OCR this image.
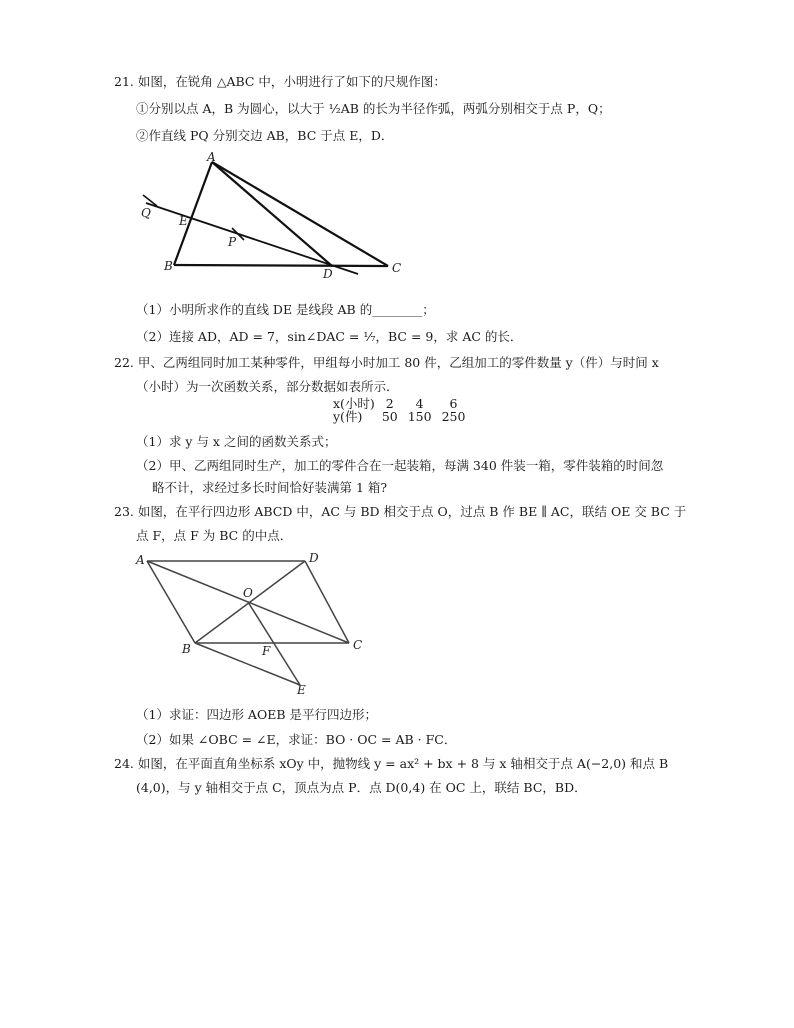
21. 如图，在锐角 △ABC 中，小明进行了如下的尺规作图：
①分别以点 A，B 为圆心，以大于 ½AB 的长为半径作弧，两弧分别相交于点 P，Q；
②作直线 PQ 分别交边 AB，BC 于点 E，D．
A
Q
E
P
B
D	C
（1）小明所求作的直线 DE 是线段 AB 的________；
（2）连接 AD，AD = 7，sin∠DAC = ⅐，BC = 9，求 AC 的长．
22. 甲、乙两组同时加工某种零件，甲组每小时加工 80 件，乙组加工的零件数量 y（件）与时间 x
（小时）为一次函数关系，部分数据如表所示．
x(小时)	2	4	6
y(件)	50	150	250
（1）求 y 与 x 之间的函数关系式；
（2）甲、乙两组同时生产，加工的零件合在一起装箱，每满 340 件装一箱，零件装箱的时间忽
略不计，求经过多长时间恰好装满第 1 箱?
23. 如图，在平行四边形 ABCD 中，AC 与 BD 相交于点 O，过点 B 作 BE ∥ AC，联结 OE 交 BC 于
点 F，点 F 为 BC 的中点．
A	D
O
B	F	C
E
（1）求证：四边形 AOEB 是平行四边形；
（2）如果 ∠OBC = ∠E，求证：BO · OC = AB · FC．
24. 如图，在平面直角坐标系 xOy 中，抛物线 y = ax² + bx + 8 与 x 轴相交于点 A(−2,0) 和点 B
(4,0)，与 y 轴相交于点 C，顶点为点 P．点 D(0,4) 在 OC 上，联结 BC，BD．
